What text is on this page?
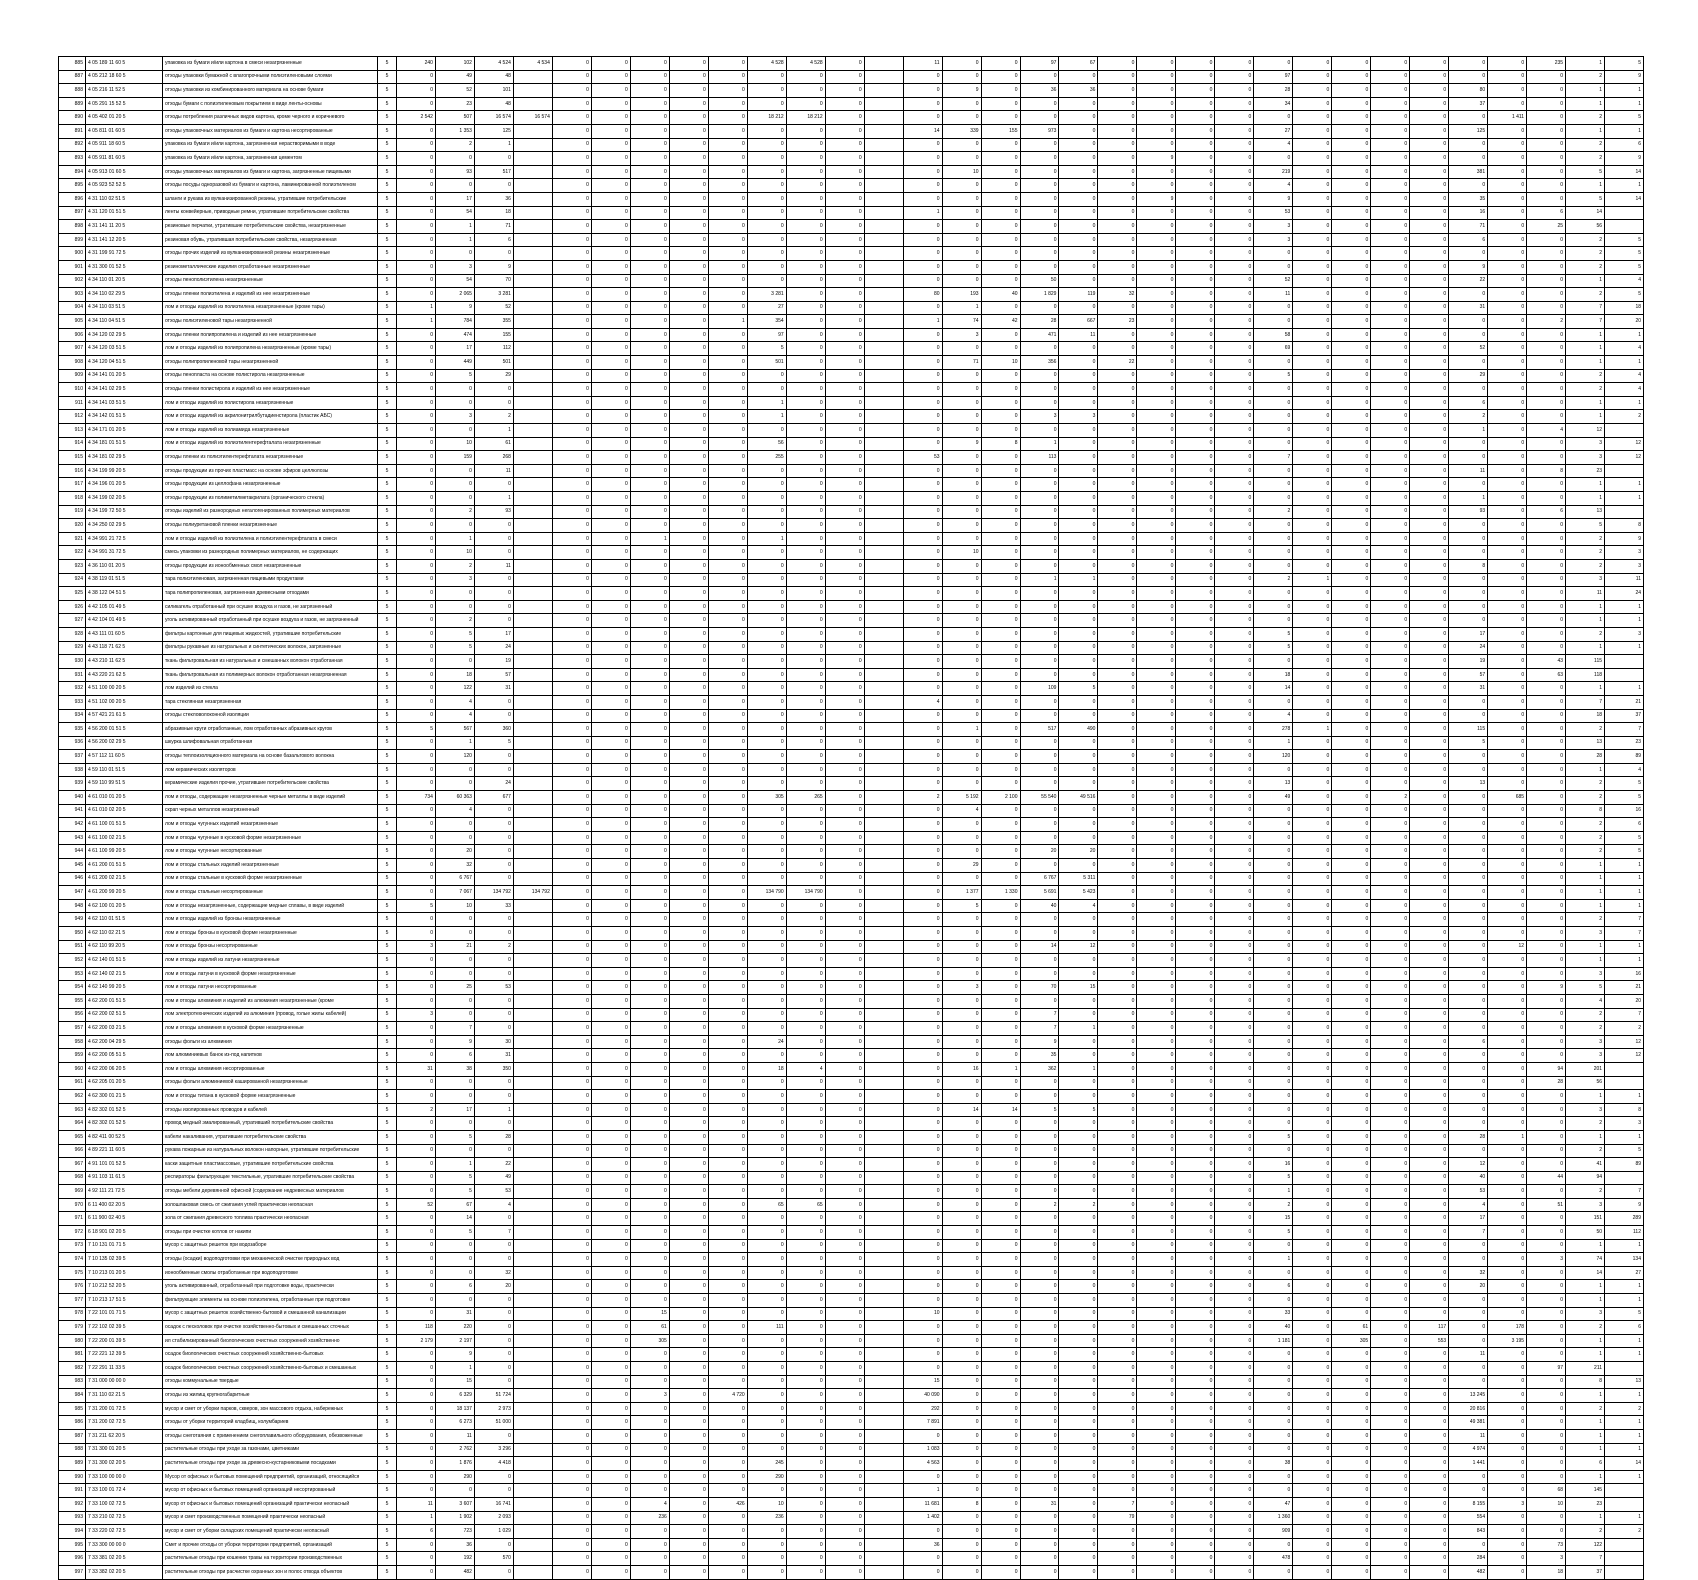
885	4 05 189 11 60 5	упаковка из бумаги и/или картона в смеси незагрязненные	5	240	102	4 524	4 534	0	0	0	0	0	4 528	4 528	0		11	0	0	97	67	0	0	0	0	0	0	0	0	0	0	0	235	1	5
887	4 05 212 18 60 5	отходы упаковки бумажной с влагопрочными полиэтиленовыми слоями	5	0	49	48		0	0	0	0	0	0	0	0		0	0	0	0	0	0	0	0	0	97	0	0	0	0	0	0	0	2	9
888	4 05 216 11 52 5	отходы упаковки из комбинированного материала на основе бумаги	5	0	52	101		0	0	0	0	0	0	0	0		0	9	0	36	36	0	0	0	0	28	0	0	0	0	80	0	0	1	1
889	4 05 291 15 52 5	отходы бумаги с полиэтиленовым покрытием в виде ленты-основы	5	0	23	48		0	0	0	0	0	0	0	0		0	0	0	0	0	0	0	0	0	34	0	0	0	0	37	0	0	1	1
890	4 05 402 01 20 5	отходы потребления различных видов картона, кроме черного и коричневого	5	2 542	507	16 574	16 574	0	0	0	0	0	18 212	18 212	0		0	0	0	0	0	0	0	0	0	0	0	0	0	0	0	1 411	0	2	5
891	4 05 811 01 60 5	отходы упаковочных материалов из бумаги и картона несортированные	5	0	1 353	125		0	0	0	0	0	0	0	0		14	339	155	973	0	0	0	0	0	27	0	0	0	0	125	0	0	1	1
892	4 05 911 18 60 5	упаковка из бумаги и/или картона, загрязненная нерастворимыми в воде	5	0	2	1		0	0	0	0	0	0	0	0		0	0	0	0	0	0	0	0	0	4	0	0	0	0	0	0	0	2	6
893	4 05 911 81 60 5	упаковка из бумаги и/или картона, загрязненная цементом	5	0	0	0		0	0	0	0	0	0	0	0		0	0	0	0	0	0	9	0	0	0	0	0	0	0	0	0	0	2	9
894	4 05 913 01 60 5	отходы упаковочных материалов из бумаги и картона, загрязненные пищевыми	5	0	93	517		0	0	0	0	0	0	0	0		0	10	0	0	0	0	0	0	0	219	0	0	0	0	381	0	0	5	14
895	4 05 923 52 52 5	отходы посуды одноразовой из бумаги и картона, ламинированной полиэтиленом	5	0	0	0		0	0	0	0	0	0	0	0		0	0	0	0	0	0	0	0	0	4	0	0	0	0	0	0	0	1	1
896	4 31 110 02 51 5	шланги и рукава из вулканизированной резины, утратившие потребительские	5	0	17	36		0	0	0	0	0	0	0	0		0	0	0	0	0	0	9	0	0	9	0	0	0	0	35	0	0	5	14
897	4 31 120 01 51 5	ленты конвейерные, приводные ремни, утратившие потребительские свойства	5	0	54	18		0	0	0	0	0	0	0	0		1	0	0	0	0	0	0	0	0	53	0	0	0	0	16	0	6	14	
898	4 31 141 11 20 5	резиновые перчатки, утратившие потребительские свойства, незагрязненные	5	0	1	71		0	0	0	0	0	0	0	0		0	0	0	0	0	0	0	0	0	3	0	0	0	0	71	0	25	56	
899	4 31 141 12 20 5	резиновая обувь, утратившая потребительские свойства, незагрязненная	5	0	1	6		0	0	0	0	0	0	0	0		0	0	0	0	0	0	0	0	0	3	0	0	0	0	6	0	0	2	5
900	4 31 199 91 72 5	отходы прочих изделий из вулканизированной резины незагрязненные	5	0	0	0		0	0	0	0	0	0	0	0		0	0	0	0	0	0	0	0	0	0	0	0	0	0	0	0	0	2	5
901	4 31 300 01 52 5	резинометаллические изделия отработанные незагрязненные	5	0	3	9		0	0	0	0	0	0	0	0		0	0	0	0	0	0	0	0	0	0	0	0	0	0	9	0	0	2	5
902	4 34 110 01 20 5	отходы пенополиэтилена незагрязненные	5	0	54	70		0	0	0	0	0	0	0	0		0	0	0	50	0	0	0	0	0	52	0	0	0	0	22	0	0	1	4
903	4 34 110 02 29 5	отходы пленки полиэтилена и изделий из нее незагрязненные	5	0	2 065	3 281		0	0	0	0	0	3 281	0	0		80	193	40	1 829	119	32	0	0	0	11	0	0	0	0	0	0	0	2	5
904	4 34 110 03 51 5	лом и отходы изделий из полиэтилена незагрязненные (кроме тары)	5	1	9	52		0	0	0	0	0	27	0	0		0	1	0	0	0	0	0	0	0	0	0	0	0	0	31	0	0	7	18
905	4 34 110 04 51 5	отходы полиэтиленовой тары незагрязненной	5	1	784	355		0	0	0	0	1	354	0	0		1	74	42	28	667	23	0	0	0	0	0	0	0	0	0	0	2	7	20
906	4 34 120 02 29 5	отходы пленки полипропилена и изделий из нее незагрязненные	5	0	474	155		0	0	0	0	0	97	0	0		0	3	0	471	11	0	0	0	0	58	0	0	0	0	0	0	0	1	1
907	4 34 120 03 51 5	лом и отходы изделий из полипропилена незагрязненные (кроме тары)	5	0	17	112		0	0	0	0	0	5	0	0		0	0	0	0	0	0	0	0	0	69	0	0	0	0	52	0	0	1	4
908	4 34 120 04 51 5	отходы полипропиленовой тары незагрязненной	5	0	449	501		0	0	0	0	0	501	0	0		0	71	10	356	0	22	0	0	0	0	0	0	0	0	0	0	0	1	1
909	4 34 141 01 20 5	отходы пенопласта на основе полистирола незагрязненные	5	0	5	29		0	0	0	0	0	0	0	0		0	0	0	0	0	0	0	0	0	5	0	0	0	0	29	0	0	2	4
910	4 34 141 02 29 5	отходы пленки полистирола и изделий из нее незагрязненные	5	0	0	0		0	0	0	0	0	0	0	0		0	0	0	0	0	0	0	0	0	0	0	0	0	0	0	0	0	2	4
911	4 34 141 03 51 5	лом и отходы изделий из полистирола незагрязненные	5	0	0	0		0	0	0	0	0	1	0	0		0	0	0	0	0	0	0	0	0	0	0	0	0	0	6	0	0	1	1
912	4 34 142 01 51 5	лом и отходы изделий из акрилонитрилбутадиенстирола (пластик АБС)	5	0	3	2		0	0	0	0	0	1	0	0		0	0	0	3	3	0	0	0	0	0	0	0	0	0	2	0	0	1	2
913	4 34 171 01 20 5	лом и отходы изделий из полиамида незагрязненные	5	0	0	1		0	0	0	0	0	0	0	0		0	0	0	0	0	0	0	0	0	0	0	0	0	0	1	0	4	12	
914	4 34 181 01 51 5	лом и отходы изделий из полиэтилентерефталата незагрязненные	5	0	10	61		0	0	0	0	0	56	0	0		0	9	8	1	0	0	0	0	0	0	0	0	0	0	0	0	0	3	12
915	4 34 181 02 29 5	отходы пленки из полиэтилентерефталата незагрязненные	5	0	159	268		0	0	0	0	0	255	0	0		53	0	0	113	0	0	0	0	0	7	0	0	0	0	0	0	0	3	12
916	4 34 199 99 20 5	отходы продукции из прочих пластмасс на основе эфиров целлюлозы	5	0	0	11		0	0	0	0	0	0	0	0		0	0	0	0	0	0	0	0	0	0	0	0	0	0	11	0	8	23	
917	4 34 196 01 20 5	отходы продукции из целлофана незагрязненные	5	0	0	0		0	0	0	0	0	0	0	0		0	0	0	0	0	0	0	0	0	0	0	0	0	0	0	0	0	1	1
918	4 34 199 02 20 5	отходы продукции из полиметилметакрилата (органического стекла)	5	0	0	1		0	0	0	0	0	0	0	0		0	0	0	0	0	0	0	0	0	0	0	0	0	0	1	0	0	1	1
919	4 34 199 72 50 5	отходы изделий из разнородных негалогенированных полимерных материалов	5	0	2	93		0	0	0	0	0	0	0	0		0	0	0	0	0	0	0	0	0	2	0	0	0	0	93	0	6	13	
920	4 34 250 02 29 5	отходы полиуретановой пленки незагрязненные	5	0	0	0		0	0	0	0	0	0	0	0		0	0	0	0	0	0	0	0	0	0	0	0	0	0	0	0	0	5	8
921	4 34 991 21 72 5	лом и отходы изделий из полиэтилена и полиэтилентерефталата в смеси	5	0	1	0		0	0	1	0	0	1	0	0		0	0	0	0	0	0	0	0	0	0	0	0	0	0	0	0	0	2	9
922	4 34 991 31 72 5	смесь упаковки из разнородных полимерных материалов, не содержащих	5	0	10	0		0	0	0	0	0	0	0	0		0	10	0	0	0	0	0	0	0	0	0	0	0	0	0	0	0	2	3
923	4 36 110 01 20 5	отходы продукции из ионообменных смол незагрязненные	5	0	2	11		0	0	0	0	0	0	0	0		0	0	0	0	0	0	0	0	0	0	0	0	0	0	8	0	0	2	3
924	4 38 119 01 51 5	тара полиэтиленовая, загрязненная пищевыми продуктами	5	0	3	0		0	0	0	0	0	0	0	0		0	0	0	1	1	0	0	0	0	2	1	0	0	0	0	0	0	3	11
925	4 38 122 04 51 5	тара полипропиленовая, загрязненная древесными отходами	5	0	0	0		0	0	0	0	0	0	0	0		0	0	0	0	0	0	0	0	0	0	0	0	0	0	0	0	0	11	24
926	4 42 105 01 49 5	силикагель отработанный при осушке воздуха и газов, не загрязненный	5	0	0	0		0	0	0	0	0	0	0	0		0	0	0	0	0	0	0	0	0	0	0	0	0	0	0	0	0	1	1
927	4 42 104 01 49 5	уголь активированный отработанный при осушке воздуха и газов, не загрязненный	5	0	2	0		0	0	0	0	0	0	0	0		0	0	0	0	0	0	0	0	0	0	0	0	0	0	0	0	0	1	1
928	4 43 111 01 60 5	фильтры картонные для пищевых жидкостей, утратившие потребительские	5	0	5	17		0	0	0	0	0	0	0	0		0	0	0	0	0	0	0	0	0	5	0	0	0	0	17	0	0	2	3
929	4 43 118 71 62 5	фильтры рукавные из натуральных и синтетических волокон, загрязненные	5	0	5	24		0	0	0	0	0	0	0	0		0	0	0	0	0	0	0	0	0	5	0	0	0	0	24	0	0	1	1
930	4 43 210 11 62 5	ткань фильтровальная из натуральных и смешанных волокон отработанная	5	0	0	19		0	0	0	0	0	0	0	0		0	0	0	0	0	0	0	0	0	0	0	0	0	0	19	0	43	115	
931	4 43 220 21 62 5	ткань фильтровальная из полимерных волокон отработанная незагрязненная	5	0	18	57		0	0	0	0	0	0	0	0		0	0	0	0	0	0	0	0	0	18	0	0	0	0	57	0	63	118	
932	4 51 100 00 20 5	лом изделий из стекла	5	0	122	31		0	0	0	0	0	0	0	0		0	0	0	109	5	0	0	0	0	14	0	0	0	0	31	0	0	1	1
933	4 51 102 00 20 5	тара стеклянная незагрязненная	5	0	4	0		0	0	0	0	0	0	0	0		4	0	0	0	0	0	0	0	0	0	0	0	0	0	0	0	0	7	21
934	4 57 421 21 61 5	отходы стекловолоконной изоляции	5	0	4	0		0	0	0	0	0	0	0	0		0	0	0	0	0	0	0	0	0	4	0	0	0	0	0	0	0	18	37
935	4 56 200 01 51 5	абразивные круги отработанные, лом отработанных абразивных кругов	5	5	567	360		0	0	0	0	0	0	0	0		0	1	0	517	490	0	0	0	0	278	1	0	0	0	115	0	0	2	7
936	4 56 200 02 29 5	шкурка шлифовальная отработанная	5	0	1	5		0	0	0	0	0	0	0	0		0	0	0	0	0	0	0	0	0	1	0	0	0	0	5	0	0	13	23
937	4 57 112 11 60 5	отходы теплоизоляционного материала на основе базальтового волокна	5	0	120	0		0	0	0	0	0	0	0	0		0	0	0	0	0	0	0	0	0	120	0	0	0	0	0	0	0	28	89
938	4 59 110 01 51 5	лом керамических изоляторов	5	0	0	0		0	0	0	0	0	0	0	0		0	0	0	0	0	0	0	0	0	0	0	0	0	0	0	0	0	1	4
939	4 59 110 99 51 5	керамические изделия прочие, утратившие потребительские свойства	5	0	0	24		0	0	0	0	0	0	0	0		0	0	0	0	0	0	0	0	0	13	0	0	0	0	13	0	0	2	5
940	4 61 010 01 20 5	лом и отходы, содержащие незагрязненные черные металлы в виде изделий	5	734	60 363	677		0	0	0	0	0	305	265	0		2	5 192	2 100	55 540	49 516	0	0	0	0	49	0	0	2	0	0	685	0	2	5
941	4 61 010 02 20 5	скрап черных металлов незагрязненный	5	0	4	0		0	0	0	0	0	0	0	0		0	4	0	0	0	0	0	0	0	0	0	0	0	0	0	0	0	8	16
942	4 61 100 01 51 5	лом и отходы чугунных изделий незагрязненные	5	0	0	0		0	0	0	0	0	0	0	0		0	0	0	0	0	0	0	0	0	0	0	0	0	0	0	0	0	2	6
943	4 61 100 02 21 5	лом и отходы чугунные в кусковой форме незагрязненные	5	0	0	0		0	0	0	0	0	0	0	0		0	0	0	0	0	0	0	0	0	0	0	0	0	0	0	0	0	2	5
944	4 61 100 99 20 5	лом и отходы чугунные несортированные	5	0	20	0		0	0	0	0	0	0	0	0		0	0	0	20	20	0	0	0	0	0	0	0	0	0	0	0	0	2	5
945	4 61 200 01 51 5	лом и отходы стальных изделий незагрязненные	5	0	32	0		0	0	0	0	0	0	0	0		0	29	0	0	0	0	0	0	0	0	0	0	0	0	0	0	0	1	1
946	4 61 200 02 21 5	лом и отходы стальные в кусковой форме незагрязненные	5	0	6 767	0		0	0	0	0	0	0	0	0		0	0	0	6 767	5 311	0	0	0	0	0	0	0	0	0	0	0	0	1	1
947	4 61 200 99 20 5	лом и отходы стальные несортированные	5	0	7 067	134 792	134 792	0	0	0	0	0	134 790	134 790	0		0	1 377	1 330	5 691	5 423	0	0	0	0	0	0	0	0	0	0	0	0	1	1
948	4 62 100 01 20 5	лом и отходы незагрязненные, содержащие медные сплавы, в виде изделий	5	5	10	33		0	0	0	0	0	0	0	0		0	5	0	40	4	0	0	0	0	0	0	0	0	0	0	0	0	1	1
949	4 62 110 01 51 5	лом и отходы изделий из бронзы незагрязненные	5	0	0	0		0	0	0	0	0	0	0	0		0	0	0	0	0	0	0	0	0	0	0	0	0	0	0	0	0	2	7
950	4 62 110 02 21 5	лом и отходы бронзы в кусковой форме незагрязненные	5	0	0	0		0	0	0	0	0	0	0	0		0	0	0	0	0	0	0	0	0	0	0	0	0	0	0	0	0	3	7
951	4 62 110 99 20 5	лом и отходы бронзы несортированные	5	3	21	2		0	0	0	0	0	0	0	0		0	0	0	14	12	0	0	0	0	0	0	0	0	0	0	12	0	1	1
952	4 62 140 01 51 5	лом и отходы изделий из латуни незагрязненные	5	0	0	0		0	0	0	0	0	0	0	0		0	0	0	0	0	0	0	0	0	0	0	0	0	0	0	0	0	1	1
953	4 62 140 02 21 5	лом и отходы латуни в кусковой форме незагрязненные	5	0	0	0		0	0	0	0	0	0	0	0		0	0	0	0	0	0	0	0	0	0	0	0	0	0	0	0	0	3	16
954	4 62 140 99 20 5	лом и отходы латуни несортированные	5	0	25	53		0	0	0	0	0	0	0	0		0	3	0	70	15	0	0	0	0	0	0	0	0	0	0	0	9	5	21
955	4 62 200 01 51 5	лом и отходы алюминия и изделий из алюминия незагрязненные (кроме	5	0	0	0		0	0	0	0	0	0	0	0		0	0	0	0	0	0	0	0	0	0	0	0	0	0	0	0	0	4	20
956	4 62 200 02 51 5	лом электротехнических изделий из алюминия (провод, голые жилы кабелей)	5	3	0	0		0	0	0	0	0	0	0	0		0	0	0	7	0	0	0	0	0	0	0	0	0	0	0	0	0	2	7
957	4 62 200 03 21 5	лом и отходы алюминия в кусковой форме незагрязненные	5	0	7	0		0	0	0	0	0	0	0	0		0	0	0	7	1	0	0	0	0	0	0	0	0	0	0	0	0	2	2
958	4 62 200 04 29 5	отходы фольги из алюминия	5	0	9	30		0	0	0	0	0	24	0	0		0	0	0	9	0	0	0	0	0	0	0	0	0	0	6	0	0	3	12
959	4 62 200 05 51 5	лом алюминиевых банок из-под напитков	5	0	6	31		0	0	0	0	0	0	0	0		0	0	0	35	0	0	0	0	0	0	0	0	0	0	0	0	0	3	12
960	4 62 200 06 20 5	лом и отходы алюминия несортированные	5	31	38	350		0	0	0	0	0	18	4	0		0	16	1	362	1	0	0	0	0	0	0	0	0	0	0	0	94	201	
961	4 62 205 01 20 5	отходы фольги алюминиевой кашированной незагрязненные	5	0	0	0		0	0	0	0	0	0	0	0		0	0	0	0	0	0	0	0	0	0	0	0	0	0	0	0	28	56	
962	4 62 300 01 21 5	лом и отходы титана в кусковой форме незагрязненные	5	0	0	0		0	0	0	0	0	0	0	0		0	0	0	0	0	0	0	0	0	0	0	0	0	0	0	0	0	1	1
963	4 82 302 01 52 5	отходы изолированных проводов и кабелей	5	2	17	1		0	0	0	0	0	0	0	0		0	14	14	5	5	0	0	0	0	0	0	0	0	0	0	0	0	3	8
964	4 82 302 01 52 5	провод медный эмалированный, утративший потребительские свойства	5	0	0	0		0	0	0	0	0	0	0	0		0	0	0	0	0	0	0	0	0	0	0	0	0	0	0	0	0	2	3
965	4 82 411 00 52 5	кабели накаливания, утратившие потребительские свойства	5	0	5	28		0	0	0	0	0	0	0	0		0	0	0	0	0	0	0	0	0	5	0	0	0	0	28	1	0	1	1
966	4 89 221 11 60 5	рукава пожарные из натуральных волокон напорные, утратившие потребительские	5	0	0	0		0	0	0	0	0	0	0	0		0	0	0	0	0	0	0	0	0	0	0	0	0	0	0	0	0	2	5
967	4 91 101 01 52 5	каски защитные пластмассовые, утратившие потребительские свойства	5	0	1	22		0	0	0	0	0	0	0	0		0	0	0	0	0	0	0	0	0	16	0	0	0	0	12	0	0	41	89
968	4 91 103 11 61 5	респираторы фильтрующие текстильные, утратившие потребительские свойства	5	0	5	49		0	0	0	0	0	0	0	0		0	0	0	0	0	0	0	0	0	5	0	0	0	0	40	0	44	94	
969	4 92 111 21 72 5	отходы мебели деревянной офисной (содержание недревесных материалов	5	0	5	53		0	0	0	0	0	0	0	0		0	0	0	0	0	0	0	0	0	1	0	0	0	0	53	0	0	2	7
970	6 11 400 02 20 5	золошлаковая смесь от сжигания углей практически неопасная	5	52	67	4		0	0	0	0	0	65	65	0		0	0	0	2	2	0	0	0	0	2	0	0	0	0	4	0	51	3	9
971	6 11 900 02 40 5	зола от сжигания древесного топлива практически неопасная	5	0	14	0		0	0	0	0	0	0	0	0		0	0	0	0	0	0	0	0	0	15	0	0	0	0	17	0	0	151	289
972	6 18 901 02 20 5	отходы при очистке котлов от накипи	5	0	5	7		0	0	0	0	0	0	0	0		0	0	0	0	0	0	0	0	0	5	0	0	0	0	7	0	0	50	112
973	7 10 131 01 71 5	мусор с защитных решеток при водозаборе	5	0	0	0		0	0	0	0	0	0	0	0		0	0	0	0	0	0	0	0	0	0	0	0	0	0	0	0	0	1	1
974	7 10 135 02 39 5	отходы (осадки) водоподготовки при механической очистке природных вод	5	0	0	0		0	0	0	0	0	0	0	0		0	0	0	0	0	0	0	0	0	1	0	0	0	0	0	0	3	74	134
975	7 10 213 01 20 5	ионообменные смолы отработанные при водоподготовке	5	0	0	32		0	0	0	0	0	0	0	0		0	0	0	0	0	0	0	0	0	0	0	0	0	0	32	0	0	14	27
976	7 10 212 52 20 5	уголь активированный, отработанный при подготовке воды, практически	5	0	6	20		0	0	0	0	0	0	0	0		0	0	0	0	0	0	0	0	0	6	0	0	0	0	20	0	0	1	1
977	7 10 213 17 51 5	фильтрующие элементы на основе полиэтилена, отработанные при подготовке	5	0	0	0		0	0	0	0	0	0	0	0		0	0	0	0	0	0	0	0	0	0	0	0	0	0	0	0	0	1	1
978	7 22 101 01 71 5	мусор с защитных решеток хозяйственно-бытовой и смешанной канализации	5	0	31	0		0	0	15	0	0	0	0	0		10	0	0	0	0	0	0	0	0	33	0	0	0	0	0	0	0	3	5
979	7 22 102 02 39 5	осадок с песколовок при очистке хозяйственно-бытовых и смешанных сточных	5	118	220	0		0	0	61	0	0	111	0	0		0	0	0	0	0	0	0	0	0	40	0	61	0	117	0	178	0	2	6
980	7 22 200 01 39 5	ил стабилизированный биологических очистных сооружений хозяйственно	5	2 179	2 197	0		0	0	305	0	0	0	0	0		0	0	0	0	0	0	0	0	0	1 181	0	305	0	553	0	3 195	0	1	1
981	7 22 221 12 39 5	осадок биологических очистных сооружений хозяйственно-бытовых	5	0	9	0		0	0	0	0	0	0	0	0		0	0	0	0	0	0	0	0	0	0	0	0	0	0	11	0	0	1	1
982	7 22 291 11 33 5	осадок биологических очистных сооружений хозяйственно-бытовых и смешанных	5	0	1	0		0	0	0	0	0	0	0	0		0	0	0	0	0	0	0	0	0	0	0	0	0	0	0	0	97	211	
983	7 31 000 00 00 0	отходы коммунальные твердые	5	0	15	0		0	0	0	0	0	0	0	0		15	0	0	0	0	0	0	0	0	0	0	0	0	0	0	0	0	8	13
984	7 31 110 02 21 5	отходы из жилищ крупногабаритные	5	0	6 329	51 724		0	0	3	0	4 720	0	0	0		40 090	0	0	0	0	0	0	0	0	0	0	0	0	0	13 245	0	0	1	1
985	7 31 200 01 72 5	мусор и смет от уборки парков, скверов, зон массового отдыха, набережных	5	0	18 137	2 973		0	0	0	0	0	0	0	0		292	0	0	0	0	0	0	0	0	0	0	0	0	0	20 816	0	0	2	2
986	7 31 200 02 72 5	отходы от уборки территорий кладбищ, колумбариев	5	0	6 273	51 000		0	0	0	0	0	0	0	0		7 891	0	0	0	0	0	0	0	0	0	0	0	0	0	49 381	0	0	1	1
987	7 31 211 62 20 5	отходы снеготаяния с применением снегоплавильного оборудования, обезвоженные	5	0	11	0		0	0	0	0	0	0	0	0		0	0	0	0	0	0	0	0	0	0	0	0	0	0	11	0	0	1	1
988	7 31 300 01 20 5	растительные отходы при уходе за газонами, цветниками	5	0	2 762	3 296		0	0	0	0	0	0	0	0		1 083	0	0	0	0	0	0	0	0	0	0	0	0	0	4 974	0	0	1	1
989	7 31 300 02 20 5	растительные отходы при уходе за древесно-кустарниковыми посадками	5	0	1 876	4 418		0	0	0	0	0	245	0	0		4 563	0	0	0	0	0	0	0	0	38	0	0	0	0	1 441	0	0	6	14
990	7 33 100 00 00 0	Мусор от офисных и бытовых помещений предприятий, организаций, относящийся	5	0	290	0		0	0	0	0	0	290	0	0		0	0	0	0	0	0	0	0	0	0	0	0	0	0	0	0	0	1	1
991	7 33 100 01 72 4	мусор от офисных и бытовых помещений организаций несортированный	5	0	0	0		0	0	0	0	0	0	0	0		1	0	0	0	0	0	0	0	0	0	0	0	0	0	0	0	68	145	
992	7 33 100 02 72 5	мусор от офисных и бытовых помещений организаций практически неопасный	5	11	3 607	16 741		0	0	4	0	426	10	0	0		11 681	8	0	31	0	7	0	0	0	47	0	0	0	0	8 155	3	10	23	
993	7 33 210 02 72 5	мусор и смет производственных помещений практически неопасный	5	1	1 902	2 093		0	0	236	0	0	236	0	0		1 402	0	0	0	0	79	0	0	0	1 360	0	0	0	0	554	0	0	1	1
994	7 33 220 02 72 5	мусор и смет от уборки складских помещений практически неопасный	5	6	723	1 029		0	0	0	0	0	0	0	0		0	0	0	0	0	0	0	0	0	909	0	0	0	0	843	0	0	2	2
995	7 33 300 00 00 0	Смет и прочие отходы от уборки территории предприятий, организаций	5	0	36	0		0	0	0	0	0	0	0	0		36	0	0	0	0	0	0	0	0	0	0	0	0	0	0	0	73	122	
996	7 33 381 02 20 5	растительные отходы при кошении травы на территории производственных	5	0	192	570		0	0	0	0	0	0	0	0		0	0	0	0	0	0	0	0	0	478	0	0	0	0	284	0	3	7	
997	7 33 382 02 20 5	растительные отходы при расчистке охранных зон и полос отвода объектов	5	0	482	0		0	0	0	0	0	0	0	0		0	0	0	0	0	0	0	0	0	0	0	0	0	0	482	0	18	37	
